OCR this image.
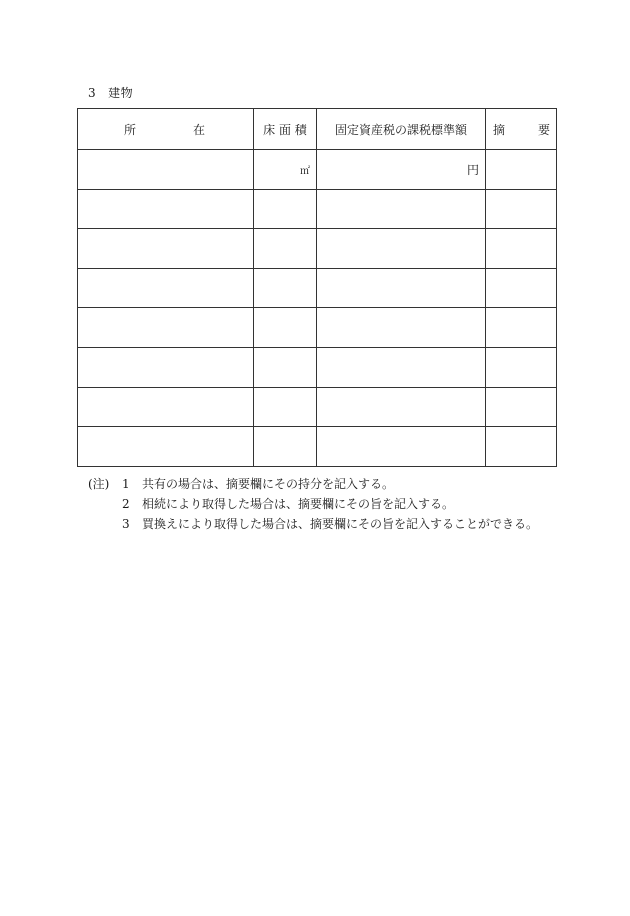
3 建物
所 在	床 面 積	固定資産税の課税標準額	摘 要

	㎡	円	

(注)	1	共有の場合は、摘要欄にその持分を記入する。
2	相続により取得した場合は、摘要欄にその旨を記入する。
3	買換えにより取得した場合は、摘要欄にその旨を記入することができる。
